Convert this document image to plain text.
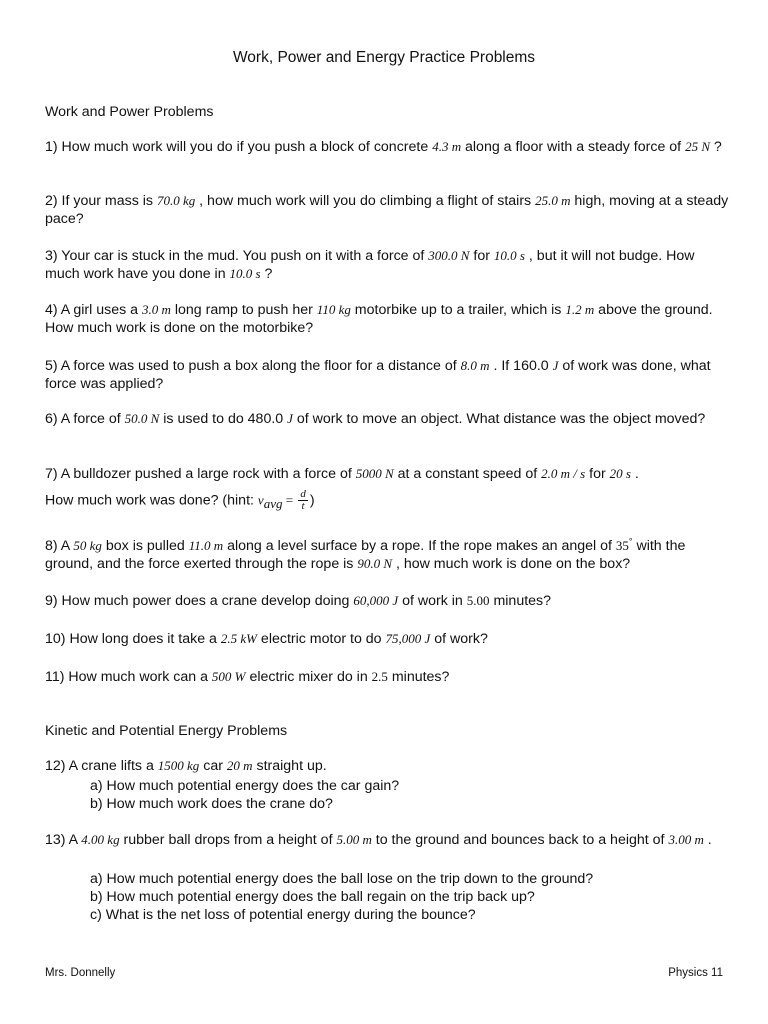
Work, Power and Energy Practice Problems
Work and Power Problems
1) How much work will you do if you push a block of concrete 4.3 m along a floor with a steady force of 25 N ?
2) If your mass is 70.0 kg , how much work will you do climbing a flight of stairs 25.0 m high, moving at a steady pace?
3) Your car is stuck in the mud. You push on it with a force of 300.0 N for 10.0 s , but it will not budge. How much work have you done in 10.0 s ?
4) A girl uses a 3.0 m long ramp to push her 110 kg motorbike up to a trailer, which is 1.2 m above the ground. How much work is done on the motorbike?
5) A force was used to push a box along the floor for a distance of 8.0 m . If 160.0 J of work was done, what force was applied?
6) A force of 50.0 N is used to do 480.0 J of work to move an object. What distance was the object moved?
7) A bulldozer pushed a large rock with a force of 5000 N at a constant speed of 2.0 m / s for 20 s .
How much work was done? (hint: $v_{avg} = \frac{d}{t}$ )
8) A 50 kg box is pulled 11.0 m along a level surface by a rope. If the rope makes an angel of 35° with the ground, and the force exerted through the rope is 90.0 N , how much work is done on the box?
9) How much power does a crane develop doing 60,000 J of work in 5.00 minutes?
10) How long does it take a 2.5 kW electric motor to do 75,000 J of work?
11) How much work can a 500 W electric mixer do in 2.5 minutes?
Kinetic and Potential Energy Problems
12) A crane lifts a 1500 kg car 20 m straight up.
a) How much potential energy does the car gain?
b) How much work does the crane do?
13) A 4.00 kg rubber ball drops from a height of 5.00 m to the ground and bounces back to a height of 3.00 m .
a) How much potential energy does the ball lose on the trip down to the ground?
b) How much potential energy does the ball regain on the trip back up?
c) What is the net loss of potential energy during the bounce?
Mrs. Donnelly	Physics 11
